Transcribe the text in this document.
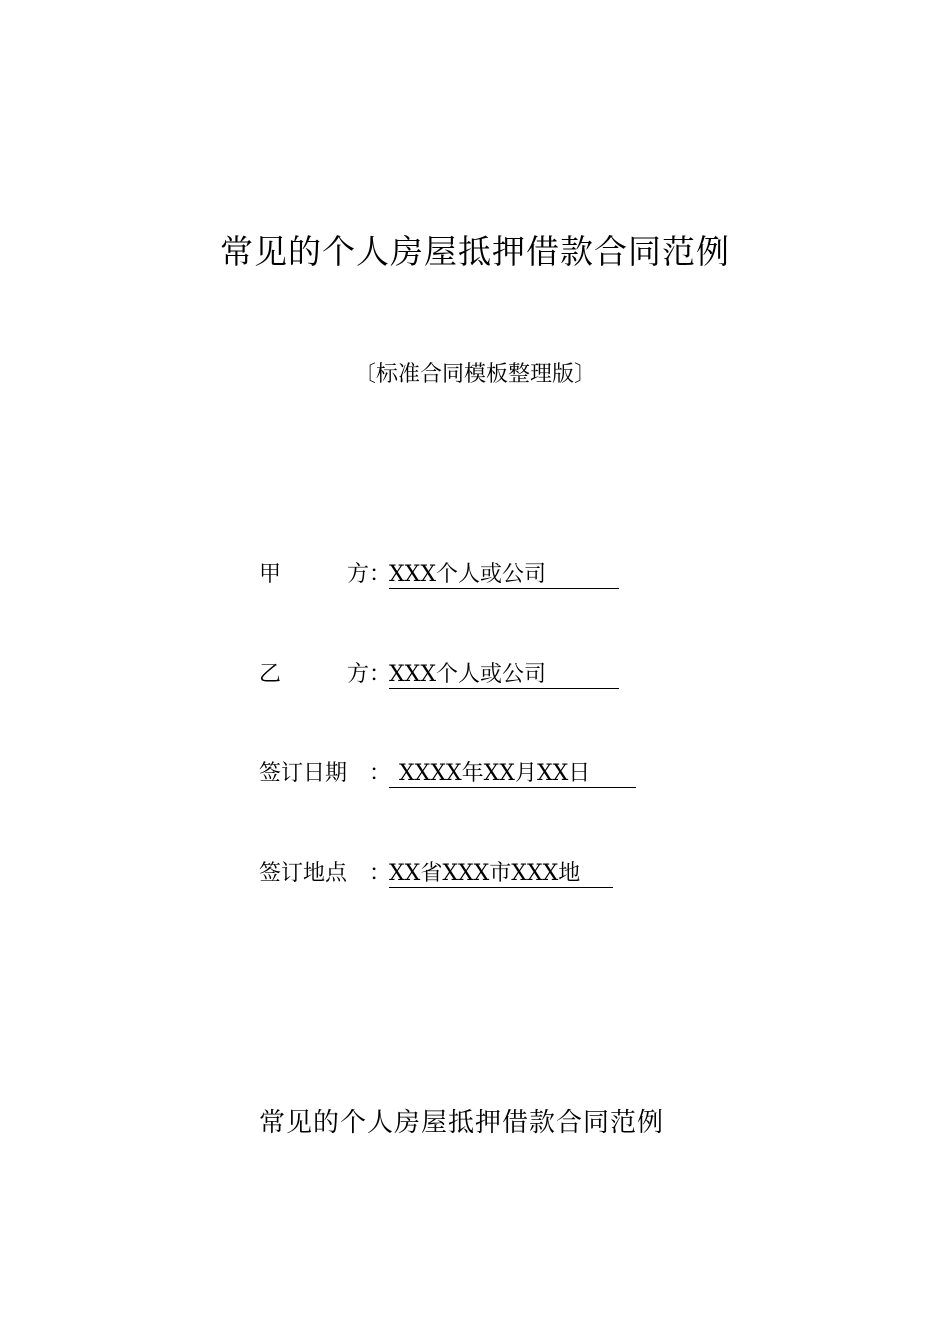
常见的个人房屋抵押借款合同范例
〔标准合同模板整理版〕
甲	方 ：
XXX个人或公司
乙	方 ：
XXX个人或公司
签订日期 ： XXXX年XX月XX日
签订地点 ：
XX省XXX市XXX地
常见的个人房屋抵押借款合同范例
